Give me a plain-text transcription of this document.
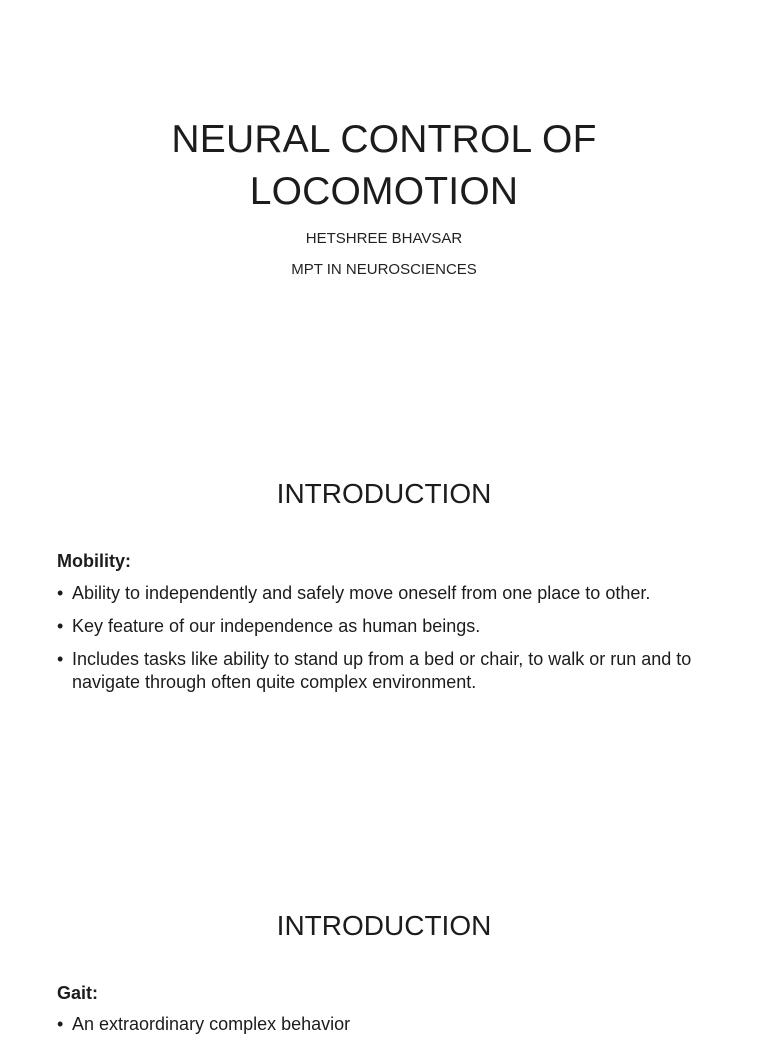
NEURAL CONTROL OF
LOCOMOTION
HETSHREE BHAVSAR
MPT IN NEUROSCIENCES
INTRODUCTION
Mobility:
• Ability to independently and safely move oneself from one place to other.
• Key feature of our independence as human beings.
• Includes tasks like ability to stand up from a bed or chair, to walk or run and to navigate through often quite complex environment.
INTRODUCTION
Gait:
• An extraordinary complex behavior
